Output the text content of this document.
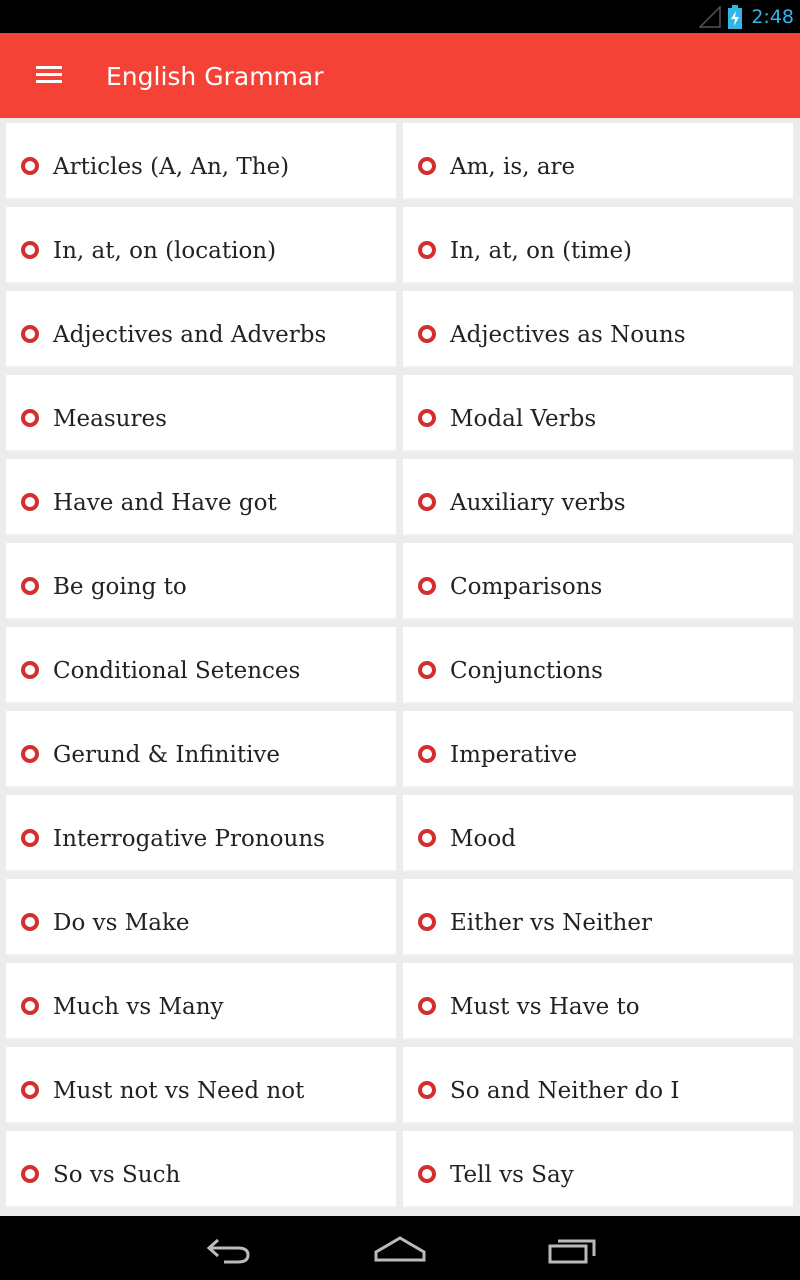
2:48
English Grammar
Articles (A, An, The)	Am, is, are
In, at, on (location)	In, at, on (time)
Adjectives and Adverbs	Adjectives as Nouns
Measures	Modal Verbs
Have and Have got	Auxiliary verbs
Be going to	Comparisons
Conditional Setences	Conjunctions
Gerund & Infinitive	Imperative
Interrogative Pronouns	Mood
Do vs Make	Either vs Neither
Much vs Many	Must vs Have to
Must not vs Need not	So and Neither do I
So vs Such	Tell vs Say
